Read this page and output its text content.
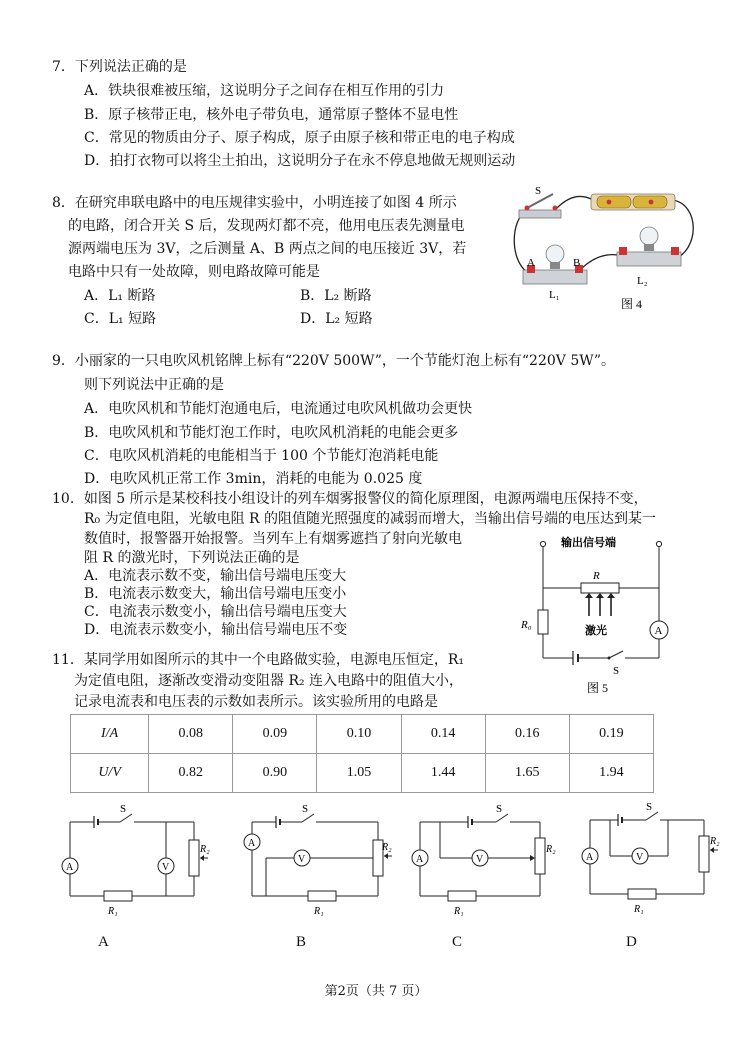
7．下列说法正确的是
A．铁块很难被压缩，这说明分子之间存在相互作用的引力
B．原子核带正电，核外电子带负电，通常原子整体不显电性
C．常见的物质由分子、原子构成，原子由原子核和带正电的电子构成
D．拍打衣物可以将尘土拍出，这说明分子在永不停息地做无规则运动
8．在研究串联电路中的电压规律实验中，小明连接了如图 4 所示
的电路，闭合开关 S 后，发现两灯都不亮，他用电压表先测量电
源两端电压为 3V，之后测量 A、B 两点之间的电压接近 3V，若
电路中只有一处故障，则电路故障可能是
A．L₁ 断路	B．L₂ 断路
C．L₁ 短路	D．L₂ 短路
S
A	B
L₁
L₂
图 4
9．小丽家的一只电吹风机铭牌上标有“220V 500W”，一个节能灯泡上标有“220V 5W”。
则下列说法中正确的是
A．电吹风机和节能灯泡通电后，电流通过电吹风机做功会更快
B．电吹风机和节能灯泡工作时，电吹风机消耗的电能会更多
C．电吹风机消耗的电能相当于 100 个节能灯泡消耗电能
D．电吹风机正常工作 3min，消耗的电能为 0.025 度
10．如图 5 所示是某校科技小组设计的列车烟雾报警仪的简化原理图，电源两端电压保持不变，
R₀ 为定值电阻，光敏电阻 R 的阻值随光照强度的减弱而增大，当输出信号端的电压达到某一
数值时，报警器开始报警。当列车上有烟雾遮挡了射向光敏电
阻 R 的激光时，下列说法正确的是
A．电流表示数不变，输出信号端电压变大
B．电流表示数变大，输出信号端电压变小
C．电流表示数变小，输出信号端电压变大
D．电流表示数变小，输出信号端电压不变
输出信号端
R
激光
R₀	A
S
图 5
11．某同学用如图所示的其中一个电路做实验，电源电压恒定，R₁
为定值电阻，逐渐改变滑动变阻器 R₂ 连入电路中的阻值大小，
记录电流表和电压表的示数如表所示。该实验所用的电路是
I/A	0.08	0.09	0.10	0.14	0.16	0.19
U/V	0.82	0.90	1.05	1.44	1.65	1.94
S
A	V
R₂
R₁
S
A
V
R₂
R₁
S
A	V
R₂
R₁
S
A	V
R₂
R₁
A	B	C	D
第2页（共 7 页）
